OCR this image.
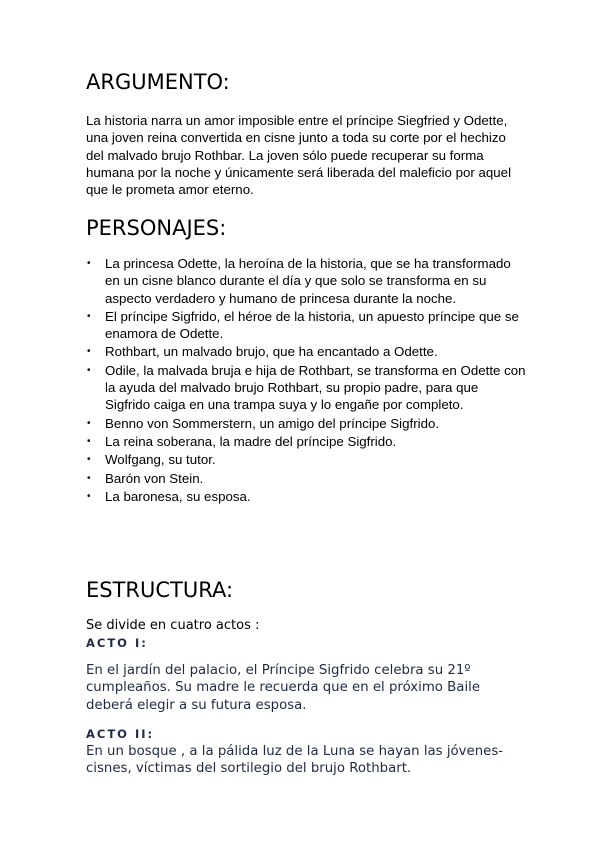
ARGUMENTO:

La historia narra un amor imposible entre el príncipe Siegfried y Odette, una joven reina convertida en cisne junto a toda su corte por el hechizo del malvado brujo Rothbar. La joven sólo puede recuperar su forma humana por la noche y únicamente será liberada del maleficio por aquel que le prometa amor eterno.

PERSONAJES:
• La princesa Odette, la heroína de la historia, que se ha transformado en un cisne blanco durante el día y que solo se transforma en su aspecto verdadero y humano de princesa durante la noche.
• El príncipe Sigfrido, el héroe de la historia, un apuesto príncipe que se enamora de Odette.
• Rothbart, un malvado brujo, que ha encantado a Odette.
• Odile, la malvada bruja e hija de Rothbart, se transforma en Odette con la ayuda del malvado brujo Rothbart, su propio padre, para que Sigfrido caiga en una trampa suya y lo engañe por completo.
• Benno von Sommerstern, un amigo del príncipe Sigfrido.
• La reina soberana, la madre del príncipe Sigfrido.
• Wolfgang, su tutor.
• Barón von Stein.
• La baronesa, su esposa.
ESTRUCTURA:

Se divide en cuatro actos :

ACTO I:

En el jardín del palacio, el Príncipe Sigfrido celebra su 21º cumpleaños. Su madre le recuerda que en el próximo Baile deberá elegir a su futura esposa.

ACTO II:

En un bosque , a la pálida luz de la Luna se hayan las jóvenes-cisnes, víctimas del sortilegio del brujo Rothbart.
